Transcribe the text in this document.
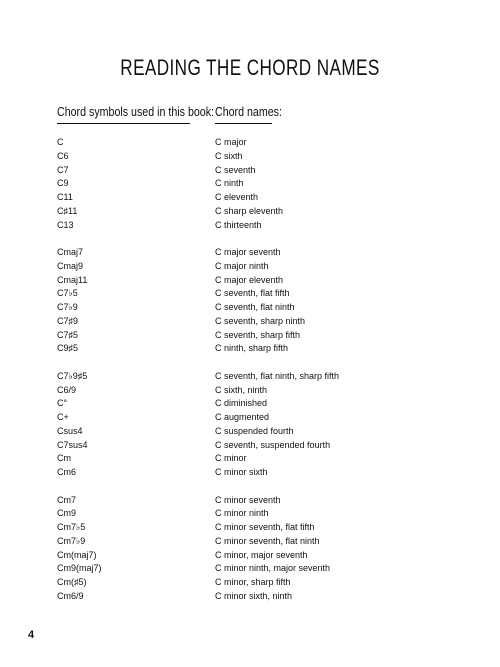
READING THE CHORD NAMES
Chord symbols used in this book: Chord names:
C	C major
C6	C sixth
C7	C seventh
C9	C ninth
C11	C eleventh
C♯11	C sharp eleventh
C13	C thirteenth
Cmaj7	C major seventh
Cmaj9	C major ninth
Cmaj11	C major eleventh
C7♭5	C seventh, flat fifth
C7♭9	C seventh, flat ninth
C7♯9	C seventh, sharp ninth
C7♯5	C seventh, sharp fifth
C9♯5	C ninth, sharp fifth
C7♭9♯5	C seventh, flat ninth, sharp fifth
C6/9	C sixth, ninth
C°	C diminished
C+	C augmented
Csus4	C suspended fourth
C7sus4	C seventh, suspended fourth
Cm	C minor
Cm6	C minor sixth
Cm7	C minor seventh
Cm9	C minor ninth
Cm7♭5	C minor seventh, flat fifth
Cm7♭9	C minor seventh, flat ninth
Cm(maj7)	C minor, major seventh
Cm9(maj7)	C minor ninth, major seventh
Cm(♯5)	C minor, sharp fifth
Cm6/9	C minor sixth, ninth
4
